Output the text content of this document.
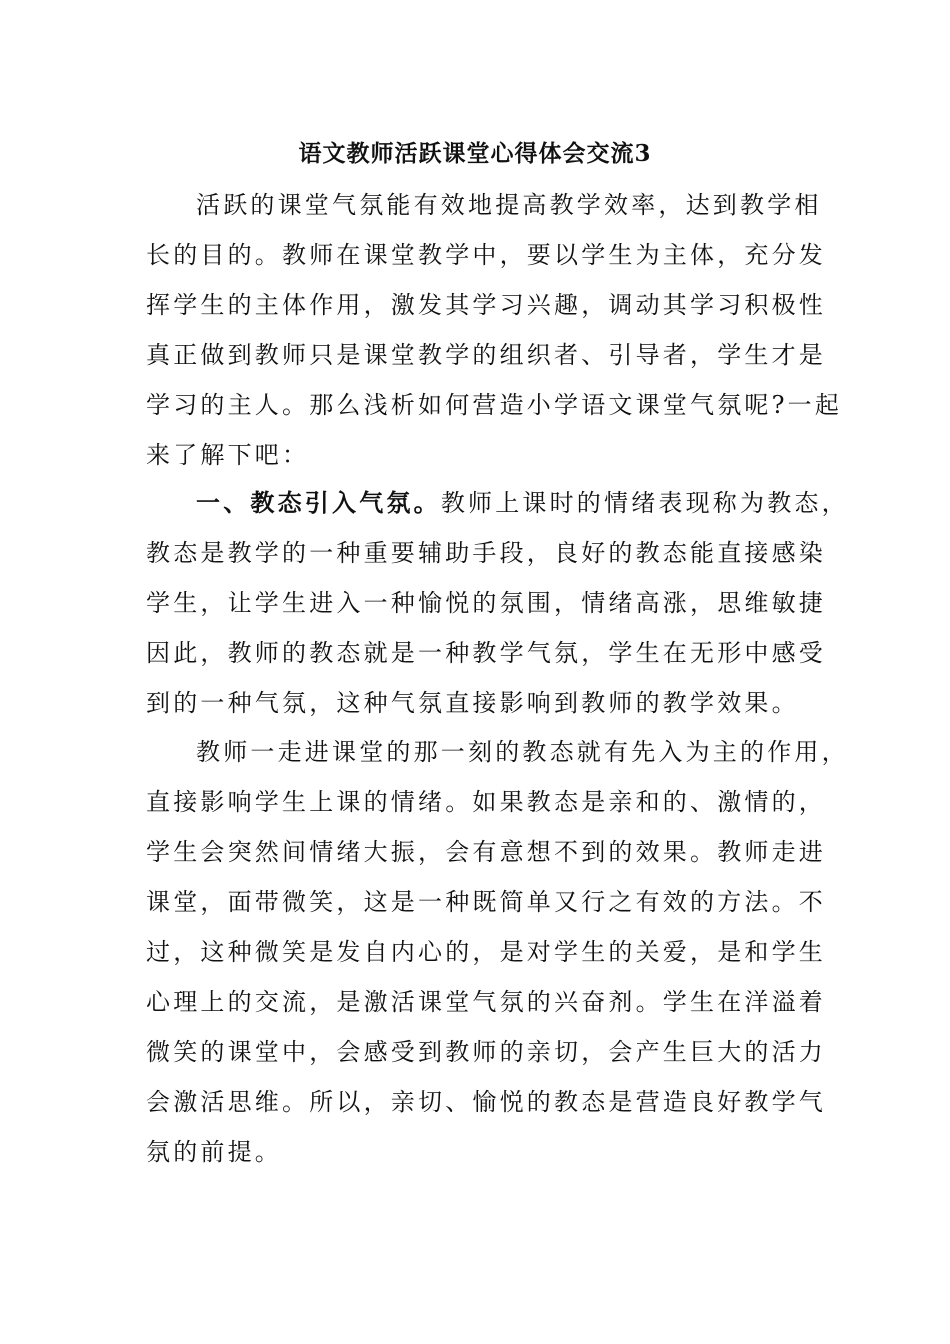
语文教师活跃课堂心得体会交流3
活跃的课堂气氛能有效地提高教学效率，达到教学相
长的目的。教师在课堂教学中，要以学生为主体，充分发
挥学生的主体作用，激发其学习兴趣，调动其学习积极性
真正做到教师只是课堂教学的组织者、引导者，学生才是
学习的主人。那么浅析如何营造小学语文课堂气氛呢?一起
来了解下吧：
一、教态引入气氛。教师上课时的情绪表现称为教态，
教态是教学的一种重要辅助手段，良好的教态能直接感染
学生，让学生进入一种愉悦的氛围，情绪高涨，思维敏捷
因此，教师的教态就是一种教学气氛，学生在无形中感受
到的一种气氛，这种气氛直接影响到教师的教学效果。
教师一走进课堂的那一刻的教态就有先入为主的作用，
直接影响学生上课的情绪。如果教态是亲和的、激情的，
学生会突然间情绪大振，会有意想不到的效果。教师走进
课堂，面带微笑，这是一种既简单又行之有效的方法。不
过，这种微笑是发自内心的，是对学生的关爱，是和学生
心理上的交流，是激活课堂气氛的兴奋剂。学生在洋溢着
微笑的课堂中，会感受到教师的亲切，会产生巨大的活力
会激活思维。所以，亲切、愉悦的教态是营造良好教学气
氛的前提。
